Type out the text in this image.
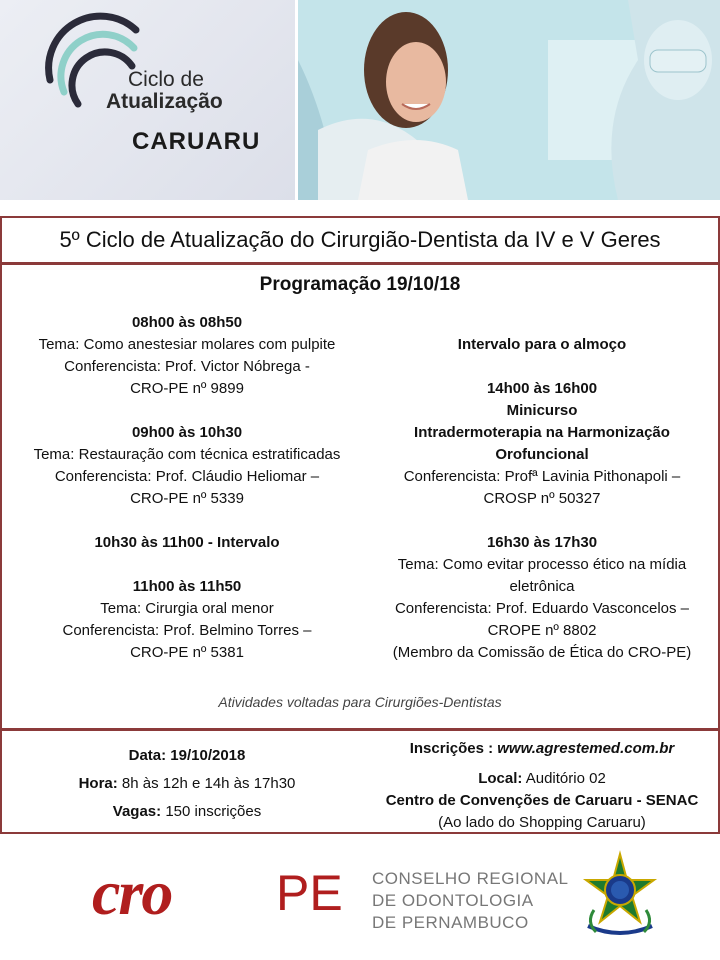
Ciclo de
Atualização
CARUARU
5º Ciclo de Atualização do Cirurgião-Dentista da IV e V Geres
Programação 19/10/18

08h00 às 08h50

Tema: Como anestesiar molares com pulpite

Conferencista: Prof. Victor Nóbrega -

CRO-PE nº 9899

09h00 às 10h30

Tema: Restauração com técnica estratificadas

Conferencista: Prof. Cláudio Heliomar –

CRO-PE nº 5339

10h30 às 11h00 - Intervalo

11h00 às 11h50

Tema: Cirurgia oral menor

Conferencista: Prof. Belmino Torres –

CRO-PE nº 5381

Intervalo para o almoço

14h00 às 16h00

Minicurso

Intradermoterapia na Harmonização

Orofuncional

Conferencista: Profª Lavinia Pithonapoli –

CROSP nº 50327

16h30 às 17h30

Tema: Como evitar processo ético na mídia

eletrônica

Conferencista: Prof. Eduardo Vasconcelos –

CROPE nº 8802

(Membro da Comissão de Ética do CRO-PE)

Atividades voltadas para Cirurgiões-Dentistas

Data: 19/10/2018

Hora: 8h às 12h e 14h às 17h30

Vagas: 150 inscrições

Inscrições : www.agrestemed.com.br

Local: Auditório 02

Centro de Convenções de Caruaru - SENAC

(Ao lado do Shopping Caruaru)

cro PE CONSELHO REGIONAL

DE ODONTOLOGIA

DE PERNAMBUCO
